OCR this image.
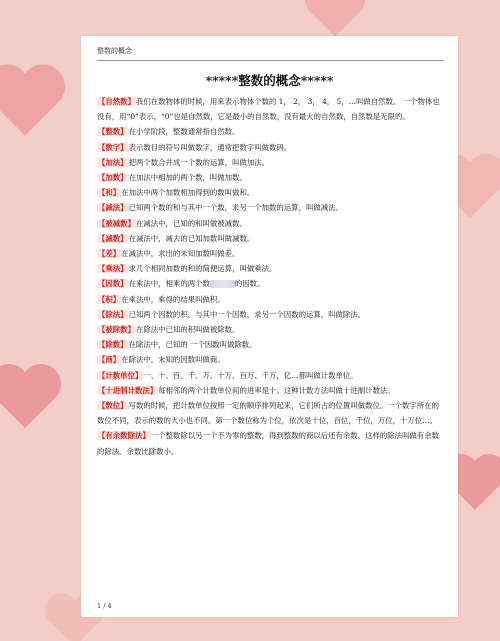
整数的概念
*****整数的概念*****

【自然数】我们在数物体的时候，用来表示物体个数的 1， 2， 3， 4， 5，…叫做自然数。 一个物体也没有，用“0”表示，“0”也是自然数，它是最小的自然数，没有最大的自然数，自然数是无限的。

【整数】在小学阶段，整数通常指自然数。

【数字】表示数目的符号叫做数字，通常把数字叫做数码。

【加法】把两个数合并成一个数的运算，叫做加法。

【加数】在加法中相加的两个数，叫做加数。

【和】在加法中两个加数相加得到的数叫做和。

【减法】已知两个数的和与其中一个数，求另一个加数的运算，叫做减法。

【被减数】在减法中，已知的和叫做被减数。

【减数】在减法中，减去的已知加数叫做减数。

【差】在减法中，求出的未知加数叫做差。

【乘法】求几个相同加数的和的简便运算，叫做乘法。

【因数】在乘法中，相乘的两个数	的因数。

【积】在乘法中，乘得的结果叫做积。

【除法】已知两个因数的积，与其中一个因数，求另一个因数的运算，叫做除法。

【被除数】在除法中已知的积叫做被除数。

【除数】在除法中，已知的 一个因数叫做除数。

【商】在除法中，未知的因数叫做商。

【计数单位】一、十、百、千、万、十万、百万、千万，亿…都叫做计数单位。

【十进制计数法】每相邻的两个计数单位间的进率是十。这种计数方法叫做十进制计数法。

【数位】写数的时候，把计数单位按照一定的顺序排列起来，它们所占的位置叫做数位。一个数字所在的数位不同，表示的数的大小也不同。第一个数位称为个位，依次是十位，百位，千位，万位，十万位…。

【有余数除法】一个整数除以另一个不为零的整数，得到整数的商以后还有余数，这样的除法叫做有余数的除法。余数比除数小。

1 / 4
